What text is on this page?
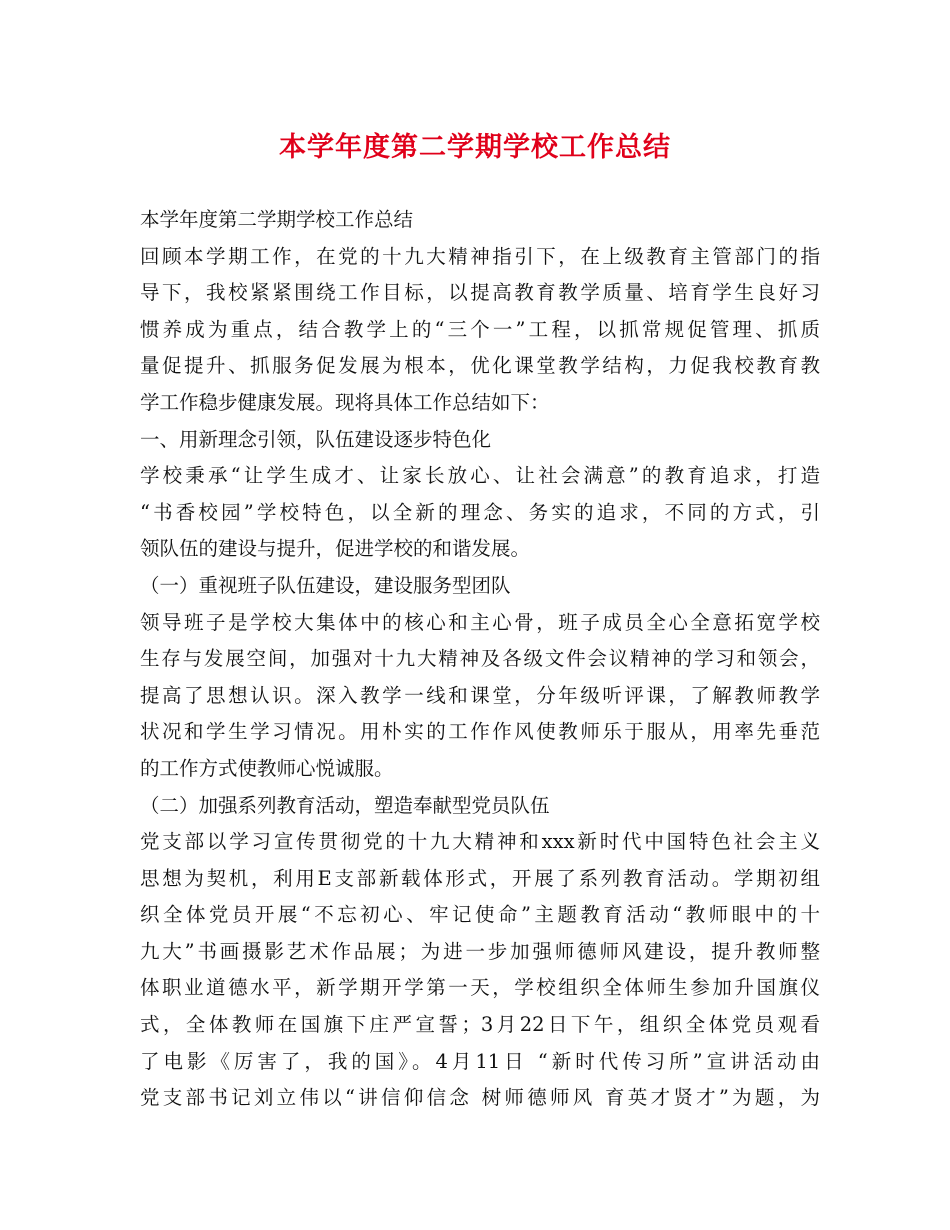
本学年度第二学期学校工作总结
本学年度第二学期学校工作总结
回顾本学期工作，在党的十九大精神指引下，在上级教育主管部门的指
导下，我校紧紧围绕工作目标，以提高教育教学质量、培育学生良好习
惯养成为重点，结合教学上的“三个一”工程，以抓常规促管理、抓质
量促提升、抓服务促发展为根本，优化课堂教学结构，力促我校教育教
学工作稳步健康发展。现将具体工作总结如下：
一、用新理念引领，队伍建设逐步特色化
学校秉承“让学生成才、让家长放心、让社会满意”的教育追求，打造
“书香校园”学校特色，以全新的理念、务实的追求，不同的方式，引
领队伍的建设与提升，促进学校的和谐发展。
（一）重视班子队伍建设，建设服务型团队
领导班子是学校大集体中的核心和主心骨，班子成员全心全意拓宽学校
生存与发展空间，加强对十九大精神及各级文件会议精神的学习和领会，
提高了思想认识。深入教学一线和课堂，分年级听评课，了解教师教学
状况和学生学习情况。用朴实的工作作风使教师乐于服从，用率先垂范
的工作方式使教师心悦诚服。
（二）加强系列教育活动，塑造奉献型党员队伍
党支部以学习宣传贯彻党的十九大精神和xxx新时代中国特色社会主义
思想为契机，利用E支部新载体形式，开展了系列教育活动。学期初组
织全体党员开展“不忘初心、牢记使命”主题教育活动“教师眼中的十
九大”书画摄影艺术作品展；为进一步加强师德师风建设，提升教师整
体职业道德水平，新学期开学第一天，学校组织全体师生参加升国旗仪
式，全体教师在国旗下庄严宣誓；3月22日下午，组织全体党员观看
了电影《厉害了，我的国》。4月11日 “新时代传习所”宣讲活动由
党支部书记刘立伟以“讲信仰信念 树师德师风 育英才贤才”为题，为
